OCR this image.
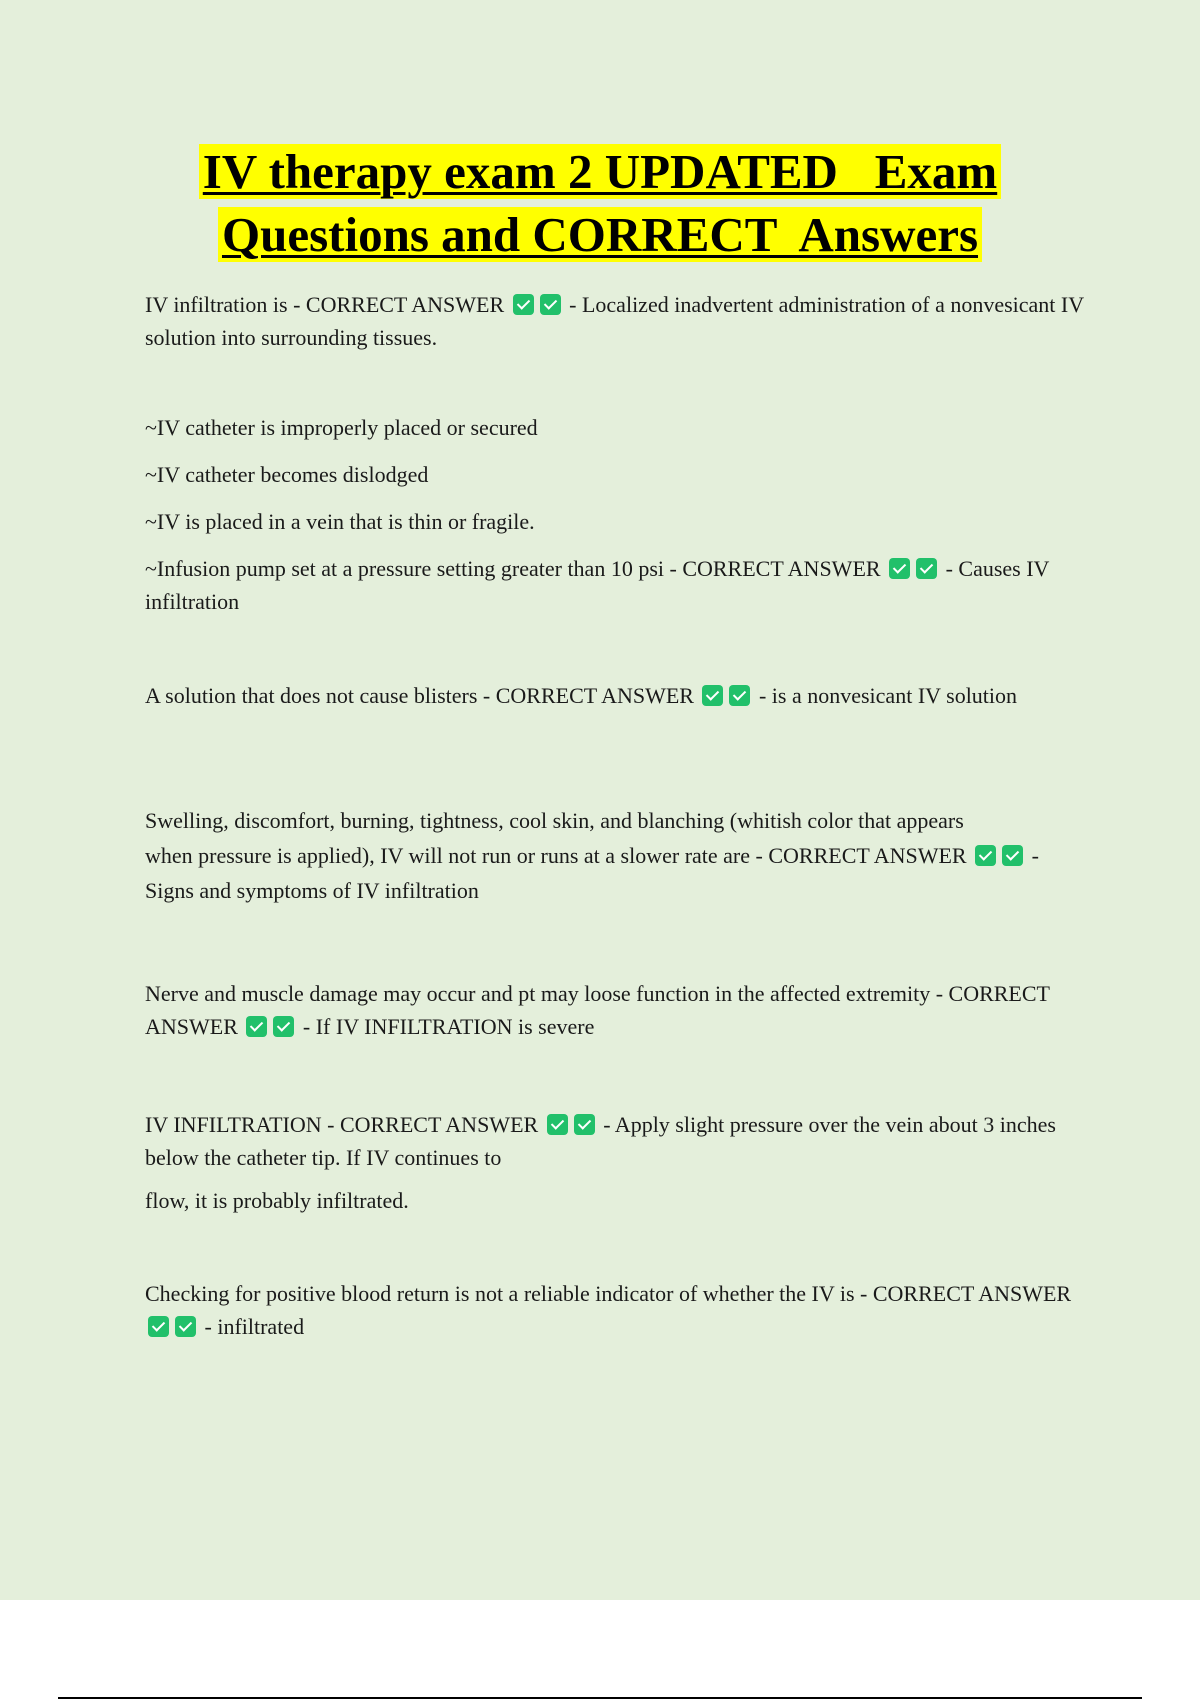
IV therapy exam 2 UPDATED   Exam
Questions and CORRECT  Answers

IV infiltration is - CORRECT ANSWER	- Localized inadvertent administration of a nonvesicant IV solution into surrounding tissues.

~IV catheter is improperly placed or secured

~IV catheter becomes dislodged

~IV is placed in a vein that is thin or fragile.

~Infusion pump set at a pressure setting greater than 10 psi - CORRECT ANSWER	- Causes IV infiltration

A solution that does not cause blisters - CORRECT ANSWER	- is a nonvesicant IV solution

Swelling, discomfort, burning, tightness, cool skin, and blanching (whitish color that appears
when pressure is applied), IV will not run or runs at a slower rate are - CORRECT ANSWER	- Signs and symptoms of IV infiltration

Nerve and muscle damage may occur and pt may loose function in the affected extremity - CORRECT ANSWER	- If IV INFILTRATION is severe

IV INFILTRATION - CORRECT ANSWER	- Apply slight pressure over the vein about 3 inches below the catheter tip. If IV continues to

flow, it is probably infiltrated.

Checking for positive blood return is not a reliable indicator of whether the IV is - CORRECT ANSWER  - infiltrated
